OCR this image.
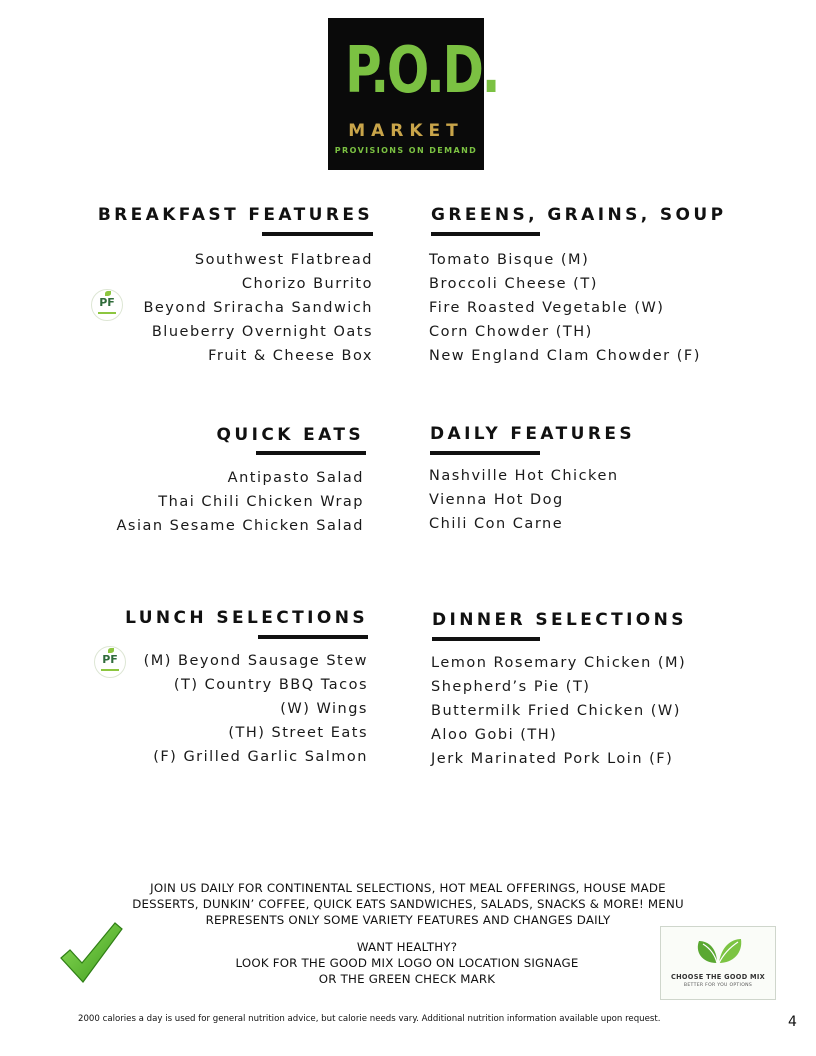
P.O.D.
MARKET
PROVISIONS ON DEMAND
BREAKFAST FEATURES
Southwest Flatbread
Chorizo Burrito
Beyond Sriracha Sandwich
Blueberry Overnight Oats
Fruit & Cheese Box
PF
GREENS, GRAINS, SOUP
Tomato Bisque (M)
Broccoli Cheese (T)
Fire Roasted Vegetable (W)
Corn Chowder (TH)
New England Clam Chowder (F)
QUICK EATS
Antipasto Salad
Thai Chili Chicken Wrap
Asian Sesame Chicken Salad
DAILY FEATURES
Nashville Hot Chicken
Vienna Hot Dog
Chili Con Carne
LUNCH SELECTIONS
(M) Beyond Sausage Stew
(T) Country BBQ Tacos
(W) Wings
(TH) Street Eats
(F) Grilled Garlic Salmon
PF
DINNER SELECTIONS
Lemon Rosemary Chicken (M)
Shepherd’s Pie (T)
Buttermilk Fried Chicken (W)
Aloo Gobi (TH)
Jerk Marinated Pork Loin (F)
JOIN US DAILY FOR CONTINENTAL SELECTIONS, HOT MEAL OFFERINGS, HOUSE MADE
DESSERTS, DUNKIN’ COFFEE, QUICK EATS SANDWICHES, SALADS, SNACKS & MORE! MENU
REPRESENTS ONLY SOME VARIETY FEATURES AND CHANGES DAILY
WANT HEALTHY?
LOOK FOR THE GOOD MIX LOGO ON LOCATION SIGNAGE
OR THE GREEN CHECK MARK	CHOOSE THE GOOD MIX
BETTER FOR YOU OPTIONS
2000 calories a day is used for general nutrition advice, but calorie needs vary. Additional nutrition information available upon request.	4
